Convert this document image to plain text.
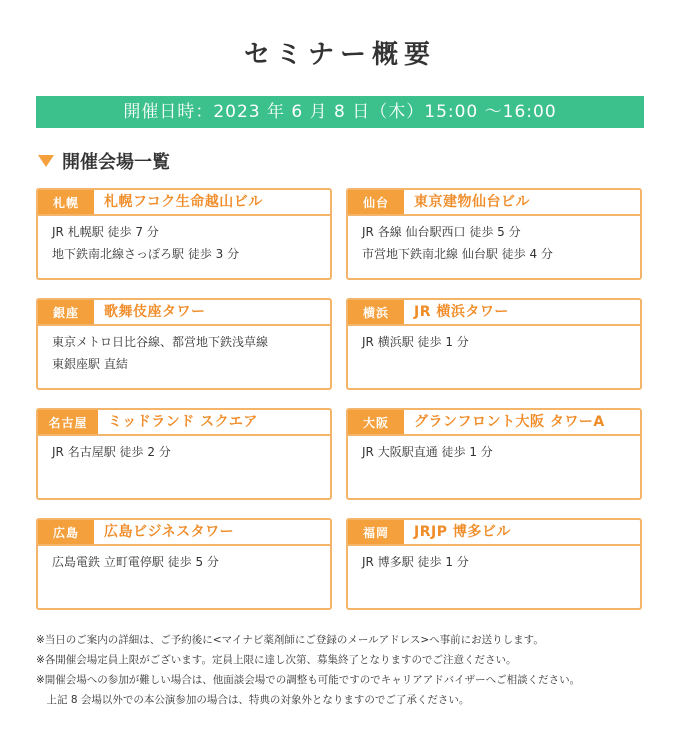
セミナー概要
開催日時：2023 年 6 月 8 日（木）15:00 ～16:00
開催会場一覧
札幌	札幌フコク生命越山ビル
JR 札幌駅 徒歩 7 分
地下鉄南北線さっぽろ駅 徒歩 3 分
仙台	東京建物仙台ビル
JR 各線 仙台駅西口 徒歩 5 分
市営地下鉄南北線 仙台駅 徒歩 4 分
銀座	歌舞伎座タワー
東京メトロ日比谷線、都営地下鉄浅草線
東銀座駅 直結
横浜	JR 横浜タワー
JR 横浜駅 徒歩 1 分
名古屋	ミッドランド スクエア
JR 名古屋駅 徒歩 2 分
大阪	グランフロント大阪 タワーA
JR 大阪駅直通 徒歩 1 分
広島	広島ビジネスタワー
広島電鉄 立町電停駅 徒歩 5 分
福岡	JRJP 博多ビル
JR 博多駅 徒歩 1 分
※当日のご案内の詳細は、ご予約後に<マイナビ薬剤師にご登録のメールアドレス>へ事前にお送りします。
※各開催会場定員上限がございます。定員上限に達し次第、募集終了となりますのでご注意ください。
※開催会場への参加が難しい場合は、他面談会場での調整も可能ですのでキャリアアドバイザーへご相談ください。
　上記 8 会場以外での本公演参加の場合は、特典の対象外となりますのでご了承ください。
